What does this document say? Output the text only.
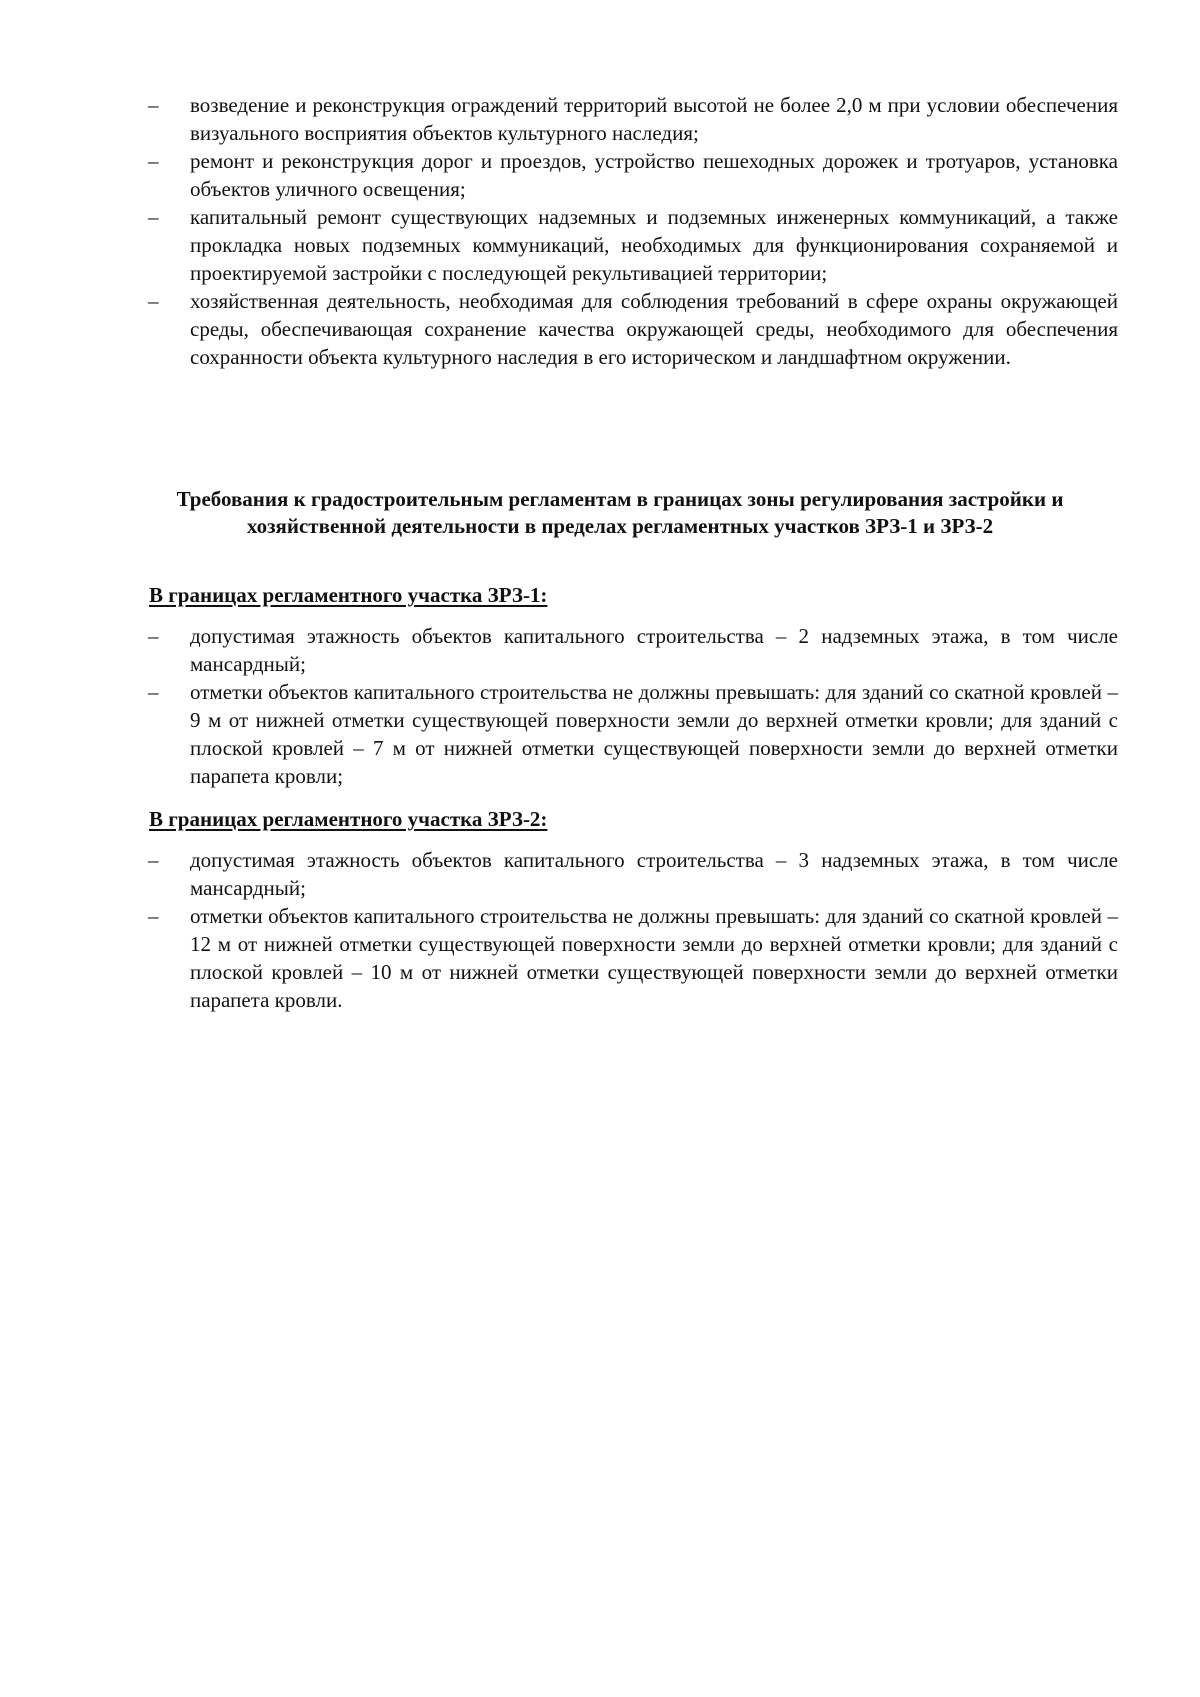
– возведение и реконструкция ограждений территорий высотой не более 2,0 м при условии обеспечения визуального восприятия объектов культурного наследия;
– ремонт и реконструкция дорог и проездов, устройство пешеходных дорожек и тротуаров, установка объектов уличного освещения;
– капитальный ремонт существующих надземных и подземных инженерных коммуникаций, а также прокладка новых подземных коммуникаций, необходимых для функционирования сохраняемой и проектируемой застройки с последующей рекультивацией территории;
– хозяйственная деятельность, необходимая для соблюдения требований в сфере охраны окружающей среды, обеспечивающая сохранение качества окружающей среды, необходимого для обеспечения сохранности объекта культурного наследия в его историческом и ландшафтном окружении.
Требования к градостроительным регламентам в границах зоны регулирования застройки и хозяйственной деятельности в пределах регламентных участков ЗРЗ-1 и ЗРЗ-2
В границах регламентного участка ЗРЗ-1:
– допустимая этажность объектов капитального строительства – 2 надземных этажа, в том числе мансардный;
– отметки объектов капитального строительства не должны превышать: для зданий со скатной кровлей – 9 м от нижней отметки существующей поверхности земли до верхней отметки кровли; для зданий с плоской кровлей – 7 м от нижней отметки существующей поверхности земли до верхней отметки парапета кровли;
В границах регламентного участка ЗРЗ-2:
– допустимая этажность объектов капитального строительства – 3 надземных этажа, в том числе мансардный;
– отметки объектов капитального строительства не должны превышать: для зданий со скатной кровлей – 12 м от нижней отметки существующей поверхности земли до верхней отметки кровли; для зданий с плоской кровлей – 10 м от нижней отметки существующей поверхности земли до верхней отметки парапета кровли.
